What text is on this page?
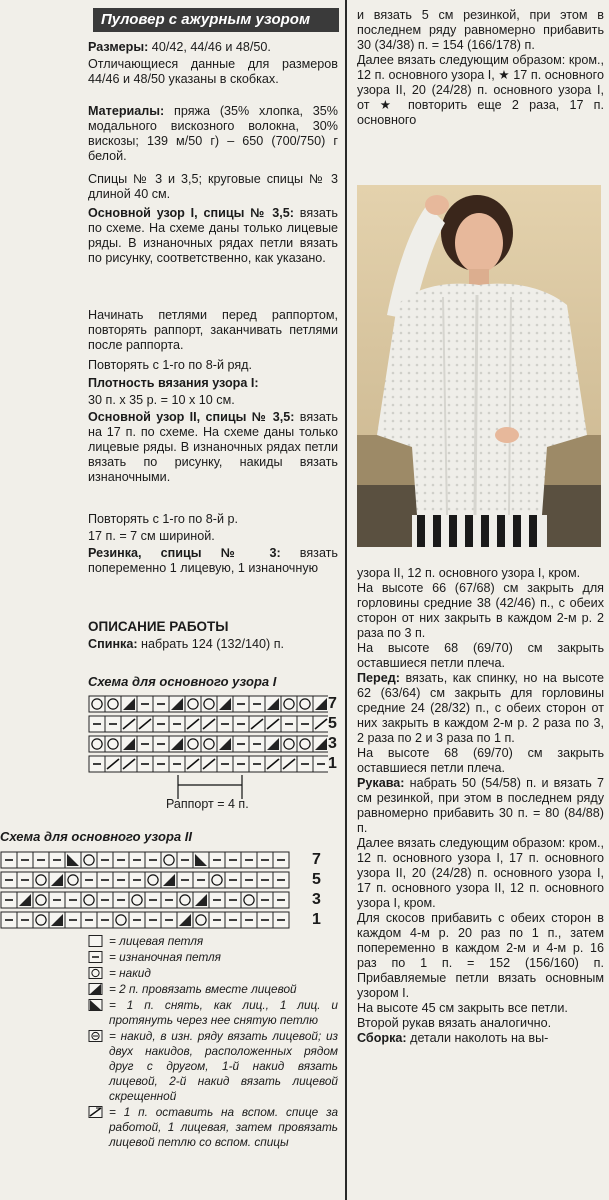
Пуловер с ажурным узором
Размеры: 40/42, 44/46 и 48/50.
Отличающиеся данные для размеров 44/46 и 48/50 указаны в скобках.
Материалы: пряжа (35% хлопка, 35% модального вискозного волокна, 30% вискозы; 139 м/50 г) – 650 (700/750) г белой.
Спицы № 3 и 3,5; круговые спицы № 3 длиной 40 см.
Основной узор I, спицы № 3,5: вязать по схеме. На схеме даны только лицевые ряды. В изнаночных рядах петли вязать по рисунку, соответственно, как указано.
Начинать петлями перед раппортом, повторять раппорт, заканчивать петлями после раппорта.
Повторять с 1-го по 8-й ряд.
Плотность вязания узора I:
30 п. х 35 р. = 10 х 10 см.
Основной узор II, спицы № 3,5: вязать на 17 п. по схеме. На схеме даны только лицевые ряды. В изнаночных рядах петли вязать по рисунку, накиды вязать изнаночными.
Повторять с 1-го по 8-й р.
17 п. = 7 см шириной.
Резинка, спицы № 3: вязать попеременно 1 лицевую, 1 изнаночную
ОПИСАНИЕ РАБОТЫ
Спинка: набрать 124 (132/140) п.
Схема для основного узора I
7
5
3
1
Раппорт = 4 п.
Схема для основного узора II
7
5
3
1
= лицевая петля
= изнаночная петля
= накид
= 2 п. провязать вместе лицевой
= 1 п. снять, как лиц., 1 лиц. и протянуть через нее снятую петлю
= накид, в изн. ряду вязать лицевой; из двух накидов, расположенных рядом друг с другом, 1-й накид вязать лицевой, 2-й накид вязать лицевой скрещенной
= 1 п. оставить на вспом. спице за работой, 1 лицевая, затем провязать лицевой петлю со вспом. спицы
и вязать 5 см резинкой, при этом в последнем ряду равномерно прибавить 30 (34/38) п. = 154 (166/178) п.
Далее вязать следующим образом: кром., 12 п. основного узора I, ★ 17 п. основного узора II, 20 (24/28) п. основного узора I, от ★ повторить еще 2 раза, 17 п. основного
узора II, 12 п. основного узора I, кром.
На высоте 66 (67/68) см закрыть для горловины средние 38 (42/46) п., с обеих сторон от них закрыть в каждом 2-м р. 2 раза по 3 п.
На высоте 68 (69/70) см закрыть оставшиеся петли плеча.
Перед: вязать, как спинку, но на высоте 62 (63/64) см закрыть для горловины средние 24 (28/32) п., с обеих сторон от них закрыть в каждом 2-м р. 2 раза по 3, 2 раза по 2 и 3 раза по 1 п.
На высоте 68 (69/70) см закрыть оставшиеся петли плеча.
Рукава: набрать 50 (54/58) п. и вязать 7 см резинкой, при этом в последнем ряду равномерно прибавить 30 п. = 80 (84/88) п.
Далее вязать следующим образом: кром., 12 п. основного узора I, 17 п. основного узора II, 20 (24/28) п. основного узора I, 17 п. основного узора II, 12 п. основного узора I, кром.
Для скосов прибавить с обеих сторон в каждом 4-м р. 20 раз по 1 п., затем попеременно в каждом 2-м и 4-м р. 16 раз по 1 п. = 152 (156/160) п. Прибавляемые петли вязать основным узором I.
На высоте 45 см закрыть все петли.
Второй рукав вязать аналогично.
Сборка: детали наколоть на вы-
